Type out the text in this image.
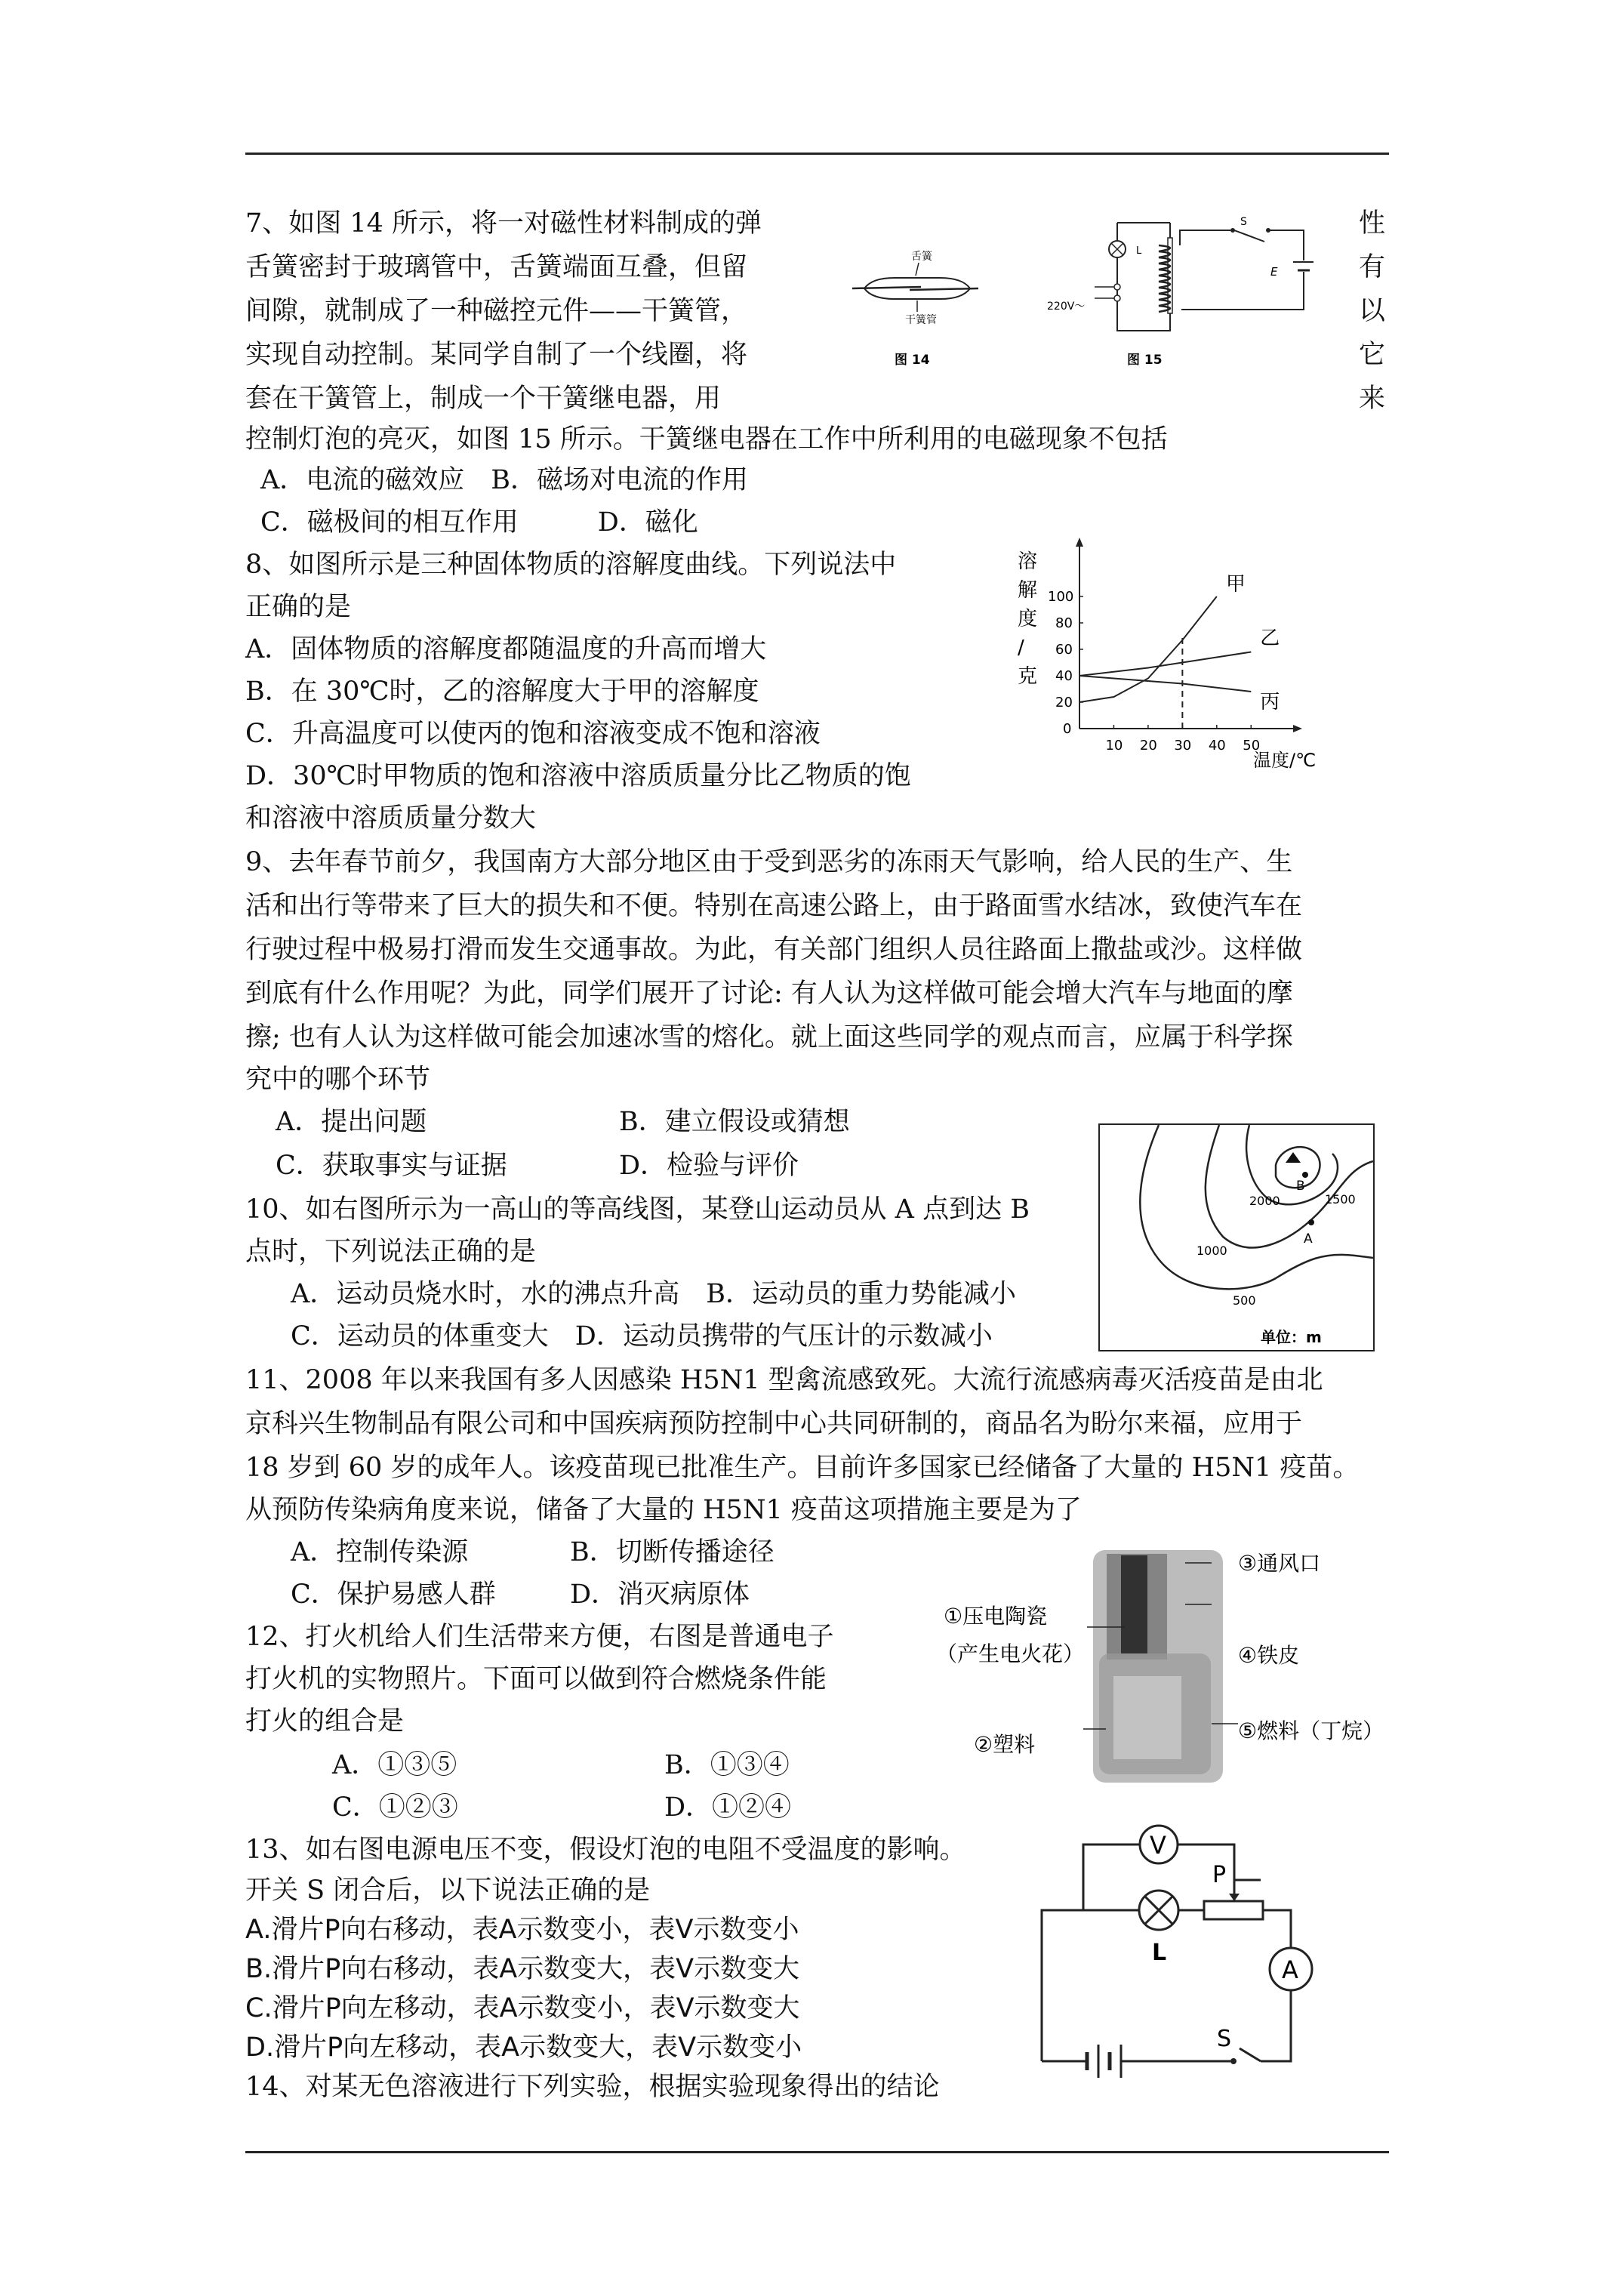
7、如图 14 所示，将一对磁性材料制成的弹
舌簧密封于玻璃管中，舌簧端面互叠，但留
间隙，就制成了一种磁控元件——干簧管，
实现自动控制。某同学自制了一个线圈，将
套在干簧管上，制成一个干簧继电器，用
控制灯泡的亮灭，如图 15 所示。干簧继电器在工作中所利用的电磁现象不包括
性
有
以
它
来
A．电流的磁效应　B．磁场对电流的作用
C．磁极间的相互作用　　　D．磁化
舌簧
干簧管
图 14
L
220V～
S
E
图 15
8、如图所示是三种固体物质的溶解度曲线。下列说法中
正确的是
A．固体物质的溶解度都随温度的升高而增大
B．在 30℃时，乙的溶解度大于甲的溶解度
C．升高温度可以使丙的饱和溶液变成不饱和溶液
D．30℃时甲物质的饱和溶液中溶质质量分比乙物质的饱
和溶液中溶质质量分数大
溶
解
度
/
克
温度/℃
10 20 30 40 50
0
20
40
60
80
100
甲
乙
丙
9、去年春节前夕，我国南方大部分地区由于受到恶劣的冻雨天气影响，给人民的生产、生
活和出行等带来了巨大的损失和不便。特别在高速公路上，由于路面雪水结冰，致使汽车在
行驶过程中极易打滑而发生交通事故。为此，有关部门组织人员往路面上撒盐或沙。这样做
到底有什么作用呢？为此，同学们展开了讨论: 有人认为这样做可能会增大汽车与地面的摩
擦; 也有人认为这样做可能会加速冰雪的熔化。就上面这些同学的观点而言，应属于科学探
究中的哪个环节
A．提出问题	B．建立假设或猜想
C．获取事实与证据	D．检验与评价
10、如右图所示为一高山的等高线图，某登山运动员从 A 点到达 B
点时，下列说法正确的是
A．运动员烧水时，水的沸点升高　B．运动员的重力势能减小
C．运动员的体重变大　D．运动员携带的气压计的示数减小
B
2000	1500
A
1000
500
单位：m
11、2008 年以来我国有多人因感染 H5N1 型禽流感致死。大流行流感病毒灭活疫苗是由北
京科兴生物制品有限公司和中国疾病预防控制中心共同研制的，商品名为盼尔来福，应用于
18 岁到 60 岁的成年人。该疫苗现已批准生产。目前许多国家已经储备了大量的 H5N1 疫苗。
从预防传染病角度来说，储备了大量的 H5N1 疫苗这项措施主要是为了
A．控制传染源	B．切断传播途径
C．保护易感人群	D．消灭病原体
12、打火机给人们生活带来方便，右图是普通电子
打火机的实物照片。下面可以做到符合燃烧条件能
打火的组合是
A．①③⑤	B．①③④
C．①②③	D．①②④
①压电陶瓷
（产生电火花）
②塑料
③通风口
④铁皮
⑤燃料（丁烷）
13、如右图电源电压不变，假设灯泡的电阻不受温度的影响。
开关 S 闭合后，以下说法正确的是
A.滑片P向右移动，表A示数变小，表V示数变小
B.滑片P向右移动，表A示数变大，表V示数变大
C.滑片P向左移动，表A示数变小，表V示数变大
D.滑片P向左移动，表A示数变大，表V示数变小
V
L
P
A
S
14、对某无色溶液进行下列实验，根据实验现象得出的结论
